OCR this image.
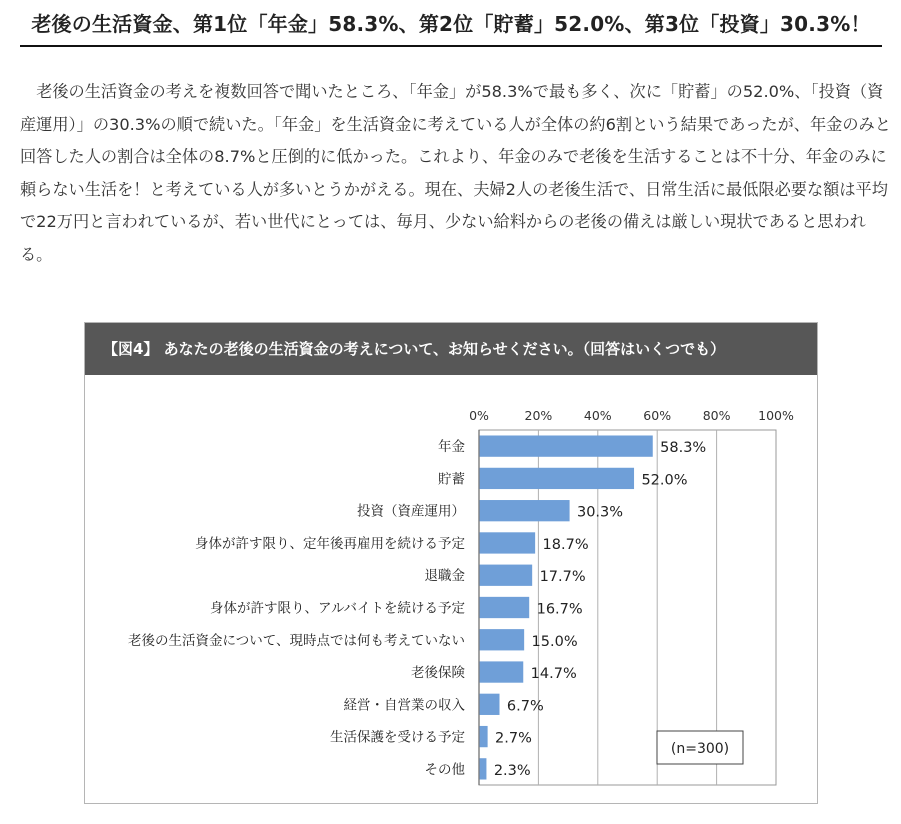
老後の生活資金、第1位「年金」58.3%、第2位「貯蓄」52.0%、第3位「投資」30.3%！

老後の生活資金の考えを複数回答で聞いたところ、「年金」が58.3%で最も多く、次に「貯蓄」の52.0%、「投資（資産運用）」の30.3%の順で続いた。「年金」を生活資金に考えている人が全体の約6割という結果であったが、年金のみと回答した人の割合は全体の8.7%と圧倒的に低かった。これより、年金のみで老後を生活することは不十分、年金のみに頼らない生活を！と考えている人が多いとうかがえる。現在、夫婦2人の老後生活で、日常生活に最低限必要な額は平均で22万円と言われているが、若い世代にとっては、毎月、少ない給料からの老後の備えは厳しい現状であると思われる。

【図4】 あなたの老後の生活資金の考えについて、お知らせください。（回答はいくつでも）
0%	20%	40%	60%	80% 100%
年金	58.3%
貯蓄	52.0%
投資（資産運用）	30.3%
身体が許す限り、定年後再雇用を続ける予定	18.7%
退職金	17.7%
身体が許す限り、アルバイトを続ける予定	16.7%
老後の生活資金について、現時点では何も考えていない	15.0%
老後保険	14.7%
経営・自営業の収入	6.7%
生活保護を受ける予定 2.7%
その他 2.3%
(n=300)
